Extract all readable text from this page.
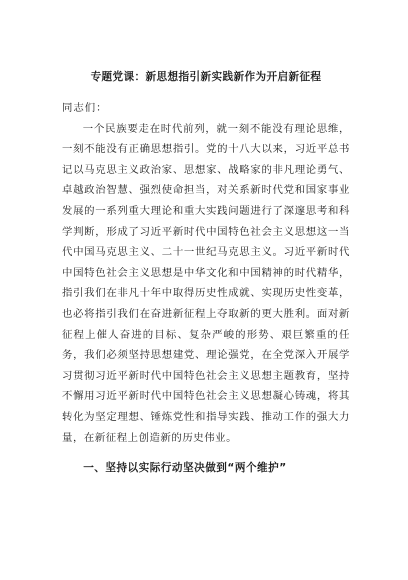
专题党课：新思想指引新实践新作为开启新征程

同志们：

一个民族要走在时代前列，就一刻不能没有理论思维，一刻不能没有正确思想指引。党的十八大以来，习近平总书记以马克思主义政治家、思想家、战略家的非凡理论勇气、卓越政治智慧、强烈使命担当，对关系新时代党和国家事业发展的一系列重大理论和重大实践问题进行了深邃思考和科学判断，形成了习近平新时代中国特色社会主义思想这一当代中国马克思主义、二十一世纪马克思主义。习近平新时代中国特色社会主义思想是中华文化和中国精神的时代精华，指引我们在非凡十年中取得历史性成就、实现历史性变革，也必将指引我们在奋进新征程上夺取新的更大胜利。面对新征程上催人奋进的目标、复杂严峻的形势、艰巨繁重的任务，我们必须坚持思想建党、理论强党，在全党深入开展学习贯彻习近平新时代中国特色社会主义思想主题教育，坚持不懈用习近平新时代中国特色社会主义思想凝心铸魂，将其转化为坚定理想、锤炼党性和指导实践、推动工作的强大力量，在新征程上创造新的历史伟业。

一、坚持以实际行动坚决做到“两个维护”
